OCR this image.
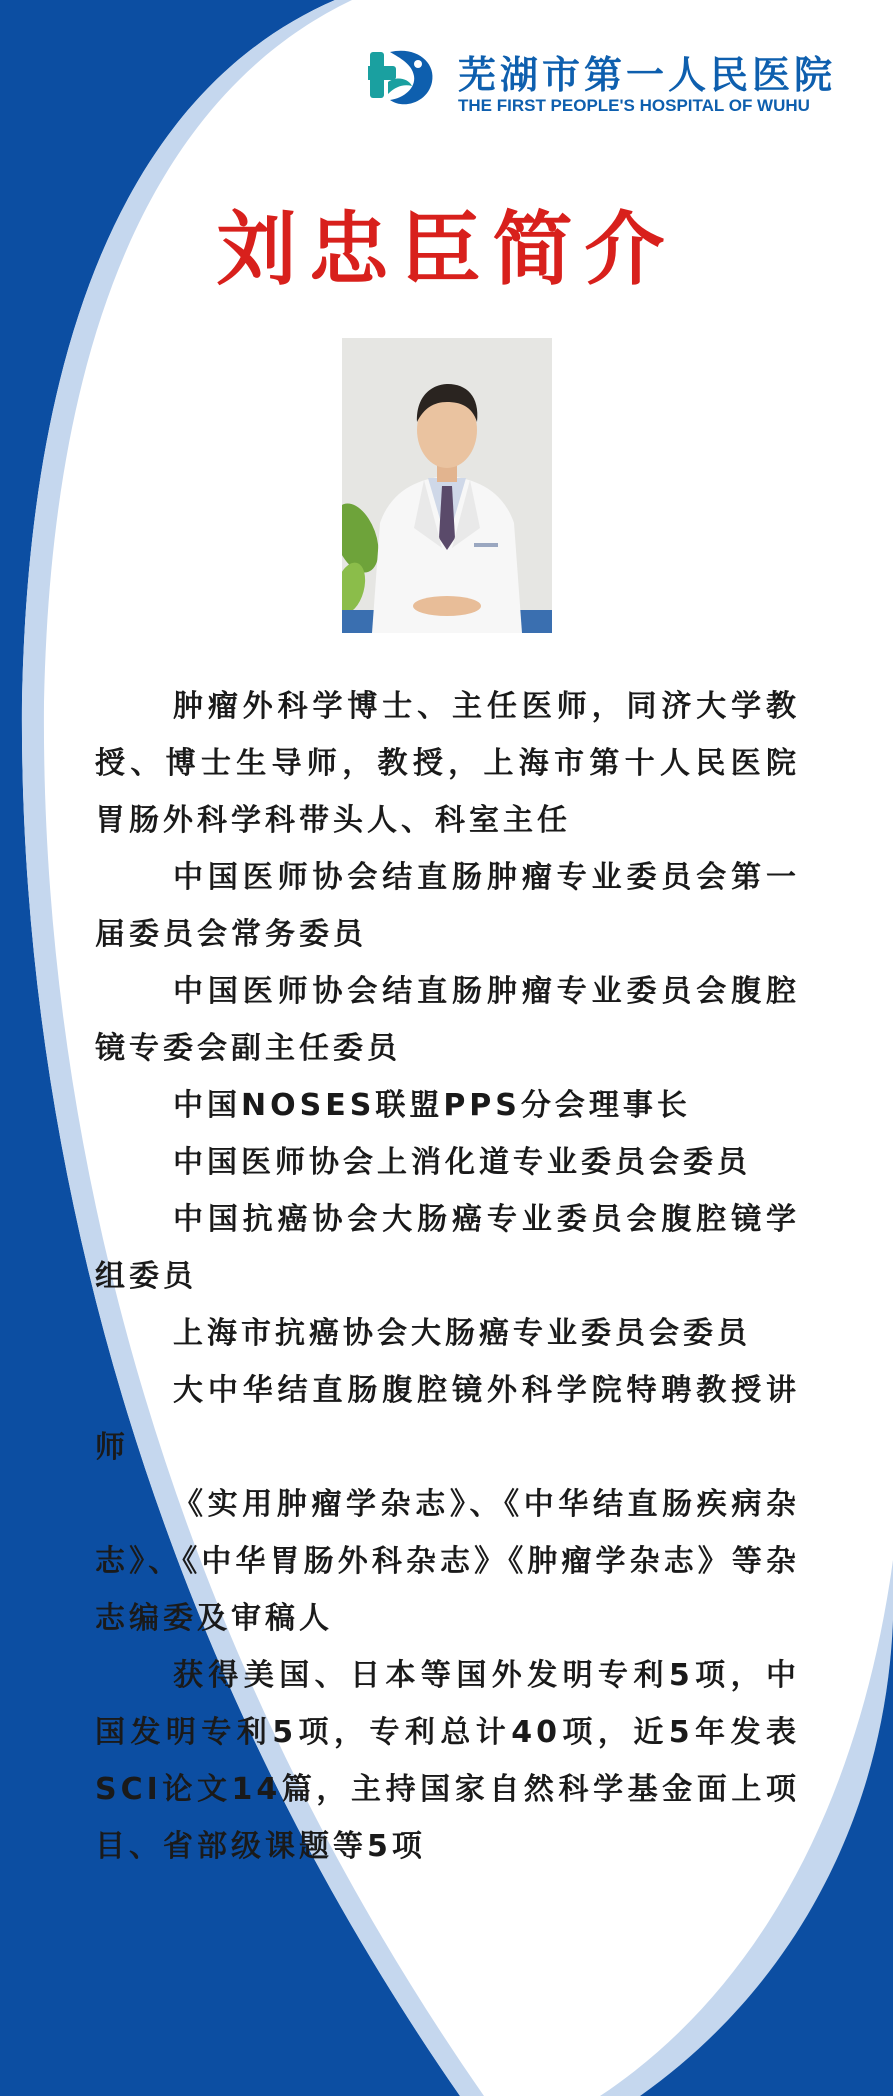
1926
芜湖市第一人民医院
THE FIRST PEOPLE'S HOSPITAL OF WUHU
刘忠臣简介

肿瘤外科学博士、主任医师，同济大学教授、博士生导师，教授，上海市第十人民医院胃肠外科学科带头人、科室主任

中国医师协会结直肠肿瘤专业委员会第一届委员会常务委员

中国医师协会结直肠肿瘤专业委员会腹腔镜专委会副主任委员

中国NOSES联盟PPS分会理事长

中国医师协会上消化道专业委员会委员

中国抗癌协会大肠癌专业委员会腹腔镜学组委员

上海市抗癌协会大肠癌专业委员会委员

大中华结直肠腹腔镜外科学院特聘教授讲师

《实用肿瘤学杂志》、《中华结直肠疾病杂志》、《中华胃肠外科杂志》《肿瘤学杂志》等杂志编委及审稿人

获得美国、日本等国外发明专利5项，中国发明专利5项，专利总计40项，近5年发表SCI论文14篇，主持国家自然科学基金面上项目、省部级课题等5项
